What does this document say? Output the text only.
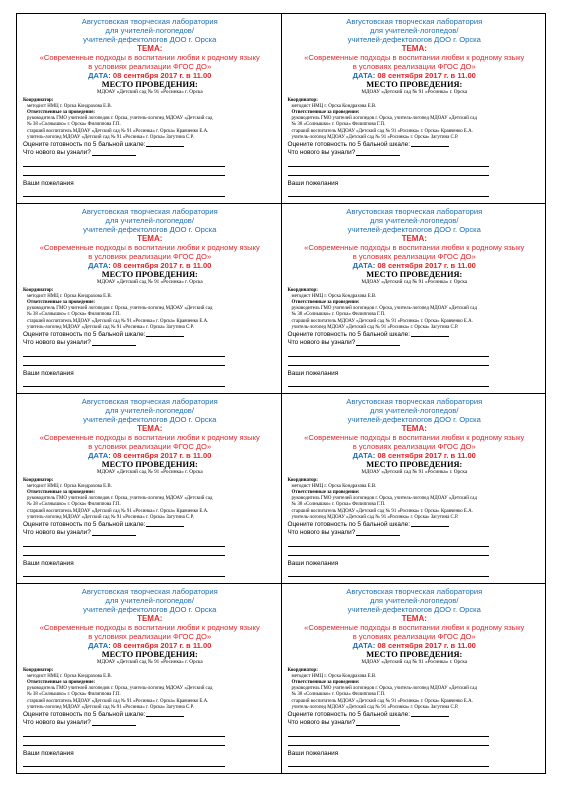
Августовская творческая лаборатория
для учителей-логопедов/
учителей-дефектологов ДОО г. Орска
ТЕМА:
«Современные подходы в воспитании любви к родному языку
в условиях реализации ФГОС ДО»
ДАТА: 08 сентября 2017 г. в 11.00
МЕСТО ПРОВЕДЕНИЯ:
МДОАУ «Детский сад № 91 «Росинка» г. Орска
Координатор:
методист НМЦ г. Орска Кондрахова Е.В.
Ответственные за проведение:
руководитель ГМО учителей логопедов г. Орска, учитель-логопед МДОАУ «Детский сад
№ 38 «Солнышко» г. Орска» Филиппова Г.П.
старший воспитатель МДОАУ «Детский сад № 91 «Росинка» г. Орска» Кравченко Е.А.
учитель-логопед МДОАУ «Детский сад № 91 «Росинка» г. Орска» Загутина С.Р.
Оцените готовность по 5 бальной шкале:
Что нового вы узнали?
Ваши пожелания
Августовская творческая лаборатория
для учителей-логопедов/
учителей-дефектологов ДОО г. Орска
ТЕМА:
«Современные подходы в воспитании любви к родному языку
в условиях реализации ФГОС ДО»
ДАТА: 08 сентября 2017 г. в 11.00
МЕСТО ПРОВЕДЕНИЯ:
МДОАУ «Детский сад № 91 «Росинка» г. Орска
Координатор:
методист НМЦ г. Орска Кондрахова Е.В.
Ответственные за проведение:
руководитель ГМО учителей логопедов г. Орска, учитель-логопед МДОАУ «Детский сад
№ 38 «Солнышко» г. Орска» Филиппова Г.П.
старший воспитатель МДОАУ «Детский сад № 91 «Росинка» г. Орска» Кравченко Е.А.
учитель-логопед МДОАУ «Детский сад № 91 «Росинка» г. Орска» Загутина С.Р.
Оцените готовность по 5 бальной шкале:
Что нового вы узнали?
Ваши пожелания
Августовская творческая лаборатория
для учителей-логопедов/
учителей-дефектологов ДОО г. Орска
ТЕМА:
«Современные подходы в воспитании любви к родному языку
в условиях реализации ФГОС ДО»
ДАТА: 08 сентября 2017 г. в 11.00
МЕСТО ПРОВЕДЕНИЯ:
МДОАУ «Детский сад № 91 «Росинка» г. Орска
Координатор:
методист НМЦ г. Орска Кондрахова Е.В.
Ответственные за проведение:
руководитель ГМО учителей логопедов г. Орска, учитель-логопед МДОАУ «Детский сад
№ 38 «Солнышко» г. Орска» Филиппова Г.П.
старший воспитатель МДОАУ «Детский сад № 91 «Росинка» г. Орска» Кравченко Е.А.
учитель-логопед МДОАУ «Детский сад № 91 «Росинка» г. Орска» Загутина С.Р.
Оцените готовность по 5 бальной шкале:
Что нового вы узнали?
Ваши пожелания
Августовская творческая лаборатория
для учителей-логопедов/
учителей-дефектологов ДОО г. Орска
ТЕМА:
«Современные подходы в воспитании любви к родному языку
в условиях реализации ФГОС ДО»
ДАТА: 08 сентября 2017 г. в 11.00
МЕСТО ПРОВЕДЕНИЯ:
МДОАУ «Детский сад № 91 «Росинка» г. Орска
Координатор:
методист НМЦ г. Орска Кондрахова Е.В.
Ответственные за проведение:
руководитель ГМО учителей логопедов г. Орска, учитель-логопед МДОАУ «Детский сад
№ 38 «Солнышко» г. Орска» Филиппова Г.П.
старший воспитатель МДОАУ «Детский сад № 91 «Росинка» г. Орска» Кравченко Е.А.
учитель-логопед МДОАУ «Детский сад № 91 «Росинка» г. Орска» Загутина С.Р.
Оцените готовность по 5 бальной шкале:
Что нового вы узнали?
Ваши пожелания
Августовская творческая лаборатория
для учителей-логопедов/
учителей-дефектологов ДОО г. Орска
ТЕМА:
«Современные подходы в воспитании любви к родному языку
в условиях реализации ФГОС ДО»
ДАТА: 08 сентября 2017 г. в 11.00
МЕСТО ПРОВЕДЕНИЯ:
МДОАУ «Детский сад № 91 «Росинка» г. Орска
Координатор:
методист НМЦ г. Орска Кондрахова Е.В.
Ответственные за проведение:
руководитель ГМО учителей логопедов г. Орска, учитель-логопед МДОАУ «Детский сад
№ 38 «Солнышко» г. Орска» Филиппова Г.П.
старший воспитатель МДОАУ «Детский сад № 91 «Росинка» г. Орска» Кравченко Е.А.
учитель-логопед МДОАУ «Детский сад № 91 «Росинка» г. Орска» Загутина С.Р.
Оцените готовность по 5 бальной шкале:
Что нового вы узнали?
Ваши пожелания
Августовская творческая лаборатория
для учителей-логопедов/
учителей-дефектологов ДОО г. Орска
ТЕМА:
«Современные подходы в воспитании любви к родному языку
в условиях реализации ФГОС ДО»
ДАТА: 08 сентября 2017 г. в 11.00
МЕСТО ПРОВЕДЕНИЯ:
МДОАУ «Детский сад № 91 «Росинка» г. Орска
Координатор:
методист НМЦ г. Орска Кондрахова Е.В.
Ответственные за проведение:
руководитель ГМО учителей логопедов г. Орска, учитель-логопед МДОАУ «Детский сад
№ 38 «Солнышко» г. Орска» Филиппова Г.П.
старший воспитатель МДОАУ «Детский сад № 91 «Росинка» г. Орска» Кравченко Е.А.
учитель-логопед МДОАУ «Детский сад № 91 «Росинка» г. Орска» Загутина С.Р.
Оцените готовность по 5 бальной шкале:
Что нового вы узнали?
Ваши пожелания
Августовская творческая лаборатория
для учителей-логопедов/
учителей-дефектологов ДОО г. Орска
ТЕМА:
«Современные подходы в воспитании любви к родному языку
в условиях реализации ФГОС ДО»
ДАТА: 08 сентября 2017 г. в 11.00
МЕСТО ПРОВЕДЕНИЯ:
МДОАУ «Детский сад № 91 «Росинка» г. Орска
Координатор:
методист НМЦ г. Орска Кондрахова Е.В.
Ответственные за проведение:
руководитель ГМО учителей логопедов г. Орска, учитель-логопед МДОАУ «Детский сад
№ 38 «Солнышко» г. Орска» Филиппова Г.П.
старший воспитатель МДОАУ «Детский сад № 91 «Росинка» г. Орска» Кравченко Е.А.
учитель-логопед МДОАУ «Детский сад № 91 «Росинка» г. Орска» Загутина С.Р.
Оцените готовность по 5 бальной шкале:
Что нового вы узнали?
Ваши пожелания
Августовская творческая лаборатория
для учителей-логопедов/
учителей-дефектологов ДОО г. Орска
ТЕМА:
«Современные подходы в воспитании любви к родному языку
в условиях реализации ФГОС ДО»
ДАТА: 08 сентября 2017 г. в 11.00
МЕСТО ПРОВЕДЕНИЯ:
МДОАУ «Детский сад № 91 «Росинка» г. Орска
Координатор:
методист НМЦ г. Орска Кондрахова Е.В.
Ответственные за проведение:
руководитель ГМО учителей логопедов г. Орска, учитель-логопед МДОАУ «Детский сад
№ 38 «Солнышко» г. Орска» Филиппова Г.П.
старший воспитатель МДОАУ «Детский сад № 91 «Росинка» г. Орска» Кравченко Е.А.
учитель-логопед МДОАУ «Детский сад № 91 «Росинка» г. Орска» Загутина С.Р.
Оцените готовность по 5 бальной шкале:
Что нового вы узнали?
Ваши пожелания
